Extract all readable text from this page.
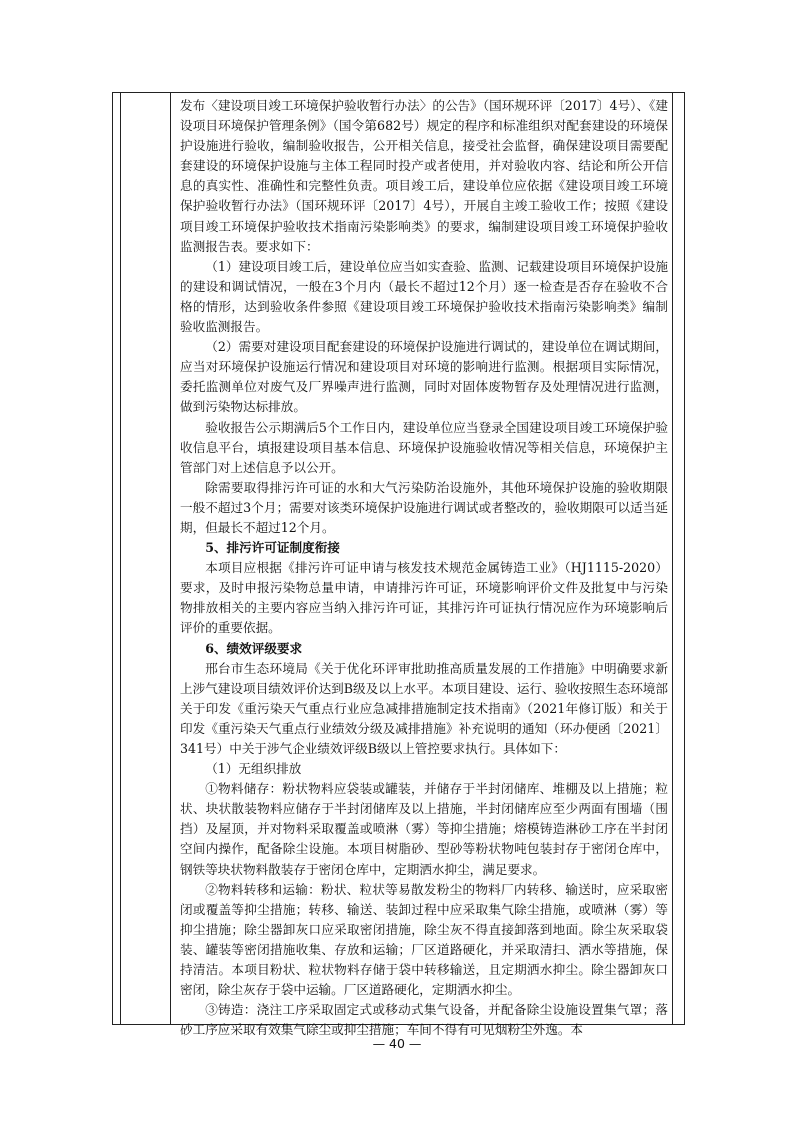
发布〈建设项目竣工环境保护验收暂行办法〉的公告》（国环规环评〔2017〕4号）、《建设项目环境保护管理条例》（国令第682号）规定的程序和标准组织对配套建设的环境保护设施进行验收，编制验收报告，公开相关信息，接受社会监督，确保建设项目需要配套建设的环境保护设施与主体工程同时投产或者使用，并对验收内容、结论和所公开信息的真实性、准确性和完整性负责。项目竣工后，建设单位应依据《建设项目竣工环境保护验收暂行办法》（国环规环评〔2017〕4号），开展自主竣工验收工作；按照《建设项目竣工环境保护验收技术指南污染影响类》的要求，编制建设项目竣工环境保护验收监测报告表。要求如下：

（1）建设项目竣工后，建设单位应当如实查验、监测、记载建设项目环境保护设施的建设和调试情况，一般在3个月内（最长不超过12个月）逐一检查是否存在验收不合格的情形，达到验收条件参照《建设项目竣工环境保护验收技术指南污染影响类》编制验收监测报告。

（2）需要对建设项目配套建设的环境保护设施进行调试的，建设单位在调试期间，应当对环境保护设施运行情况和建设项目对环境的影响进行监测。根据项目实际情况，委托监测单位对废气及厂界噪声进行监测，同时对固体废物暂存及处理情况进行监测，做到污染物达标排放。

验收报告公示期满后5个工作日内，建设单位应当登录全国建设项目竣工环境保护验收信息平台，填报建设项目基本信息、环境保护设施验收情况等相关信息，环境保护主管部门对上述信息予以公开。

除需要取得排污许可证的水和大气污染防治设施外，其他环境保护设施的验收期限一般不超过3个月；需要对该类环境保护设施进行调试或者整改的，验收期限可以适当延期，但最长不超过12个月。

5、排污许可证制度衔接

本项目应根据《排污许可证申请与核发技术规范金属铸造工业》（HJ1115-2020）要求，及时申报污染物总量申请，申请排污许可证，环境影响评价文件及批复中与污染物排放相关的主要内容应当纳入排污许可证，其排污许可证执行情况应作为环境影响后评价的重要依据。

6、绩效评级要求

邢台市生态环境局《关于优化环评审批助推高质量发展的工作措施》中明确要求新上涉气建设项目绩效评价达到B级及以上水平。本项目建设、运行、验收按照生态环境部关于印发《重污染天气重点行业应急减排措施制定技术指南》（2021年修订版）和关于印发《重污染天气重点行业绩效分级及减排措施》补充说明的通知（环办便函〔2021〕341号）中关于涉气企业绩效评级B级以上管控要求执行。具体如下：

（1）无组织排放

①物料储存：粉状物料应袋装或罐装，并储存于半封闭储库、堆棚及以上措施；粒状、块状散装物料应储存于半封闭储库及以上措施，半封闭储库应至少两面有围墙（围挡）及屋顶，并对物料采取覆盖或喷淋（雾）等抑尘措施；熔模铸造淋砂工序在半封闭空间内操作，配备除尘设施。本项目树脂砂、型砂等粉状物吨包装封存于密闭仓库中，钢铁等块状物料散装存于密闭仓库中，定期洒水抑尘，满足要求。

②物料转移和运输：粉状、粒状等易散发粉尘的物料厂内转移、输送时，应采取密闭或覆盖等抑尘措施；转移、输送、装卸过程中应采取集气除尘措施，或喷淋（雾）等抑尘措施；除尘器卸灰口应采取密闭措施，除尘灰不得直接卸落到地面。除尘灰采取袋装、罐装等密闭措施收集、存放和运输；厂区道路硬化，并采取清扫、洒水等措施，保持清洁。本项目粉状、粒状物料存储于袋中转移输送，且定期洒水抑尘。除尘器卸灰口密闭，除尘灰存于袋中运输。厂区道路硬化，定期洒水抑尘。

③铸造：浇注工序采取固定式或移动式集气设备，并配备除尘设施设置集气罩；落砂工序应采取有效集气除尘或抑尘措施；车间不得有可见烟粉尘外逸。本

— 40 —
